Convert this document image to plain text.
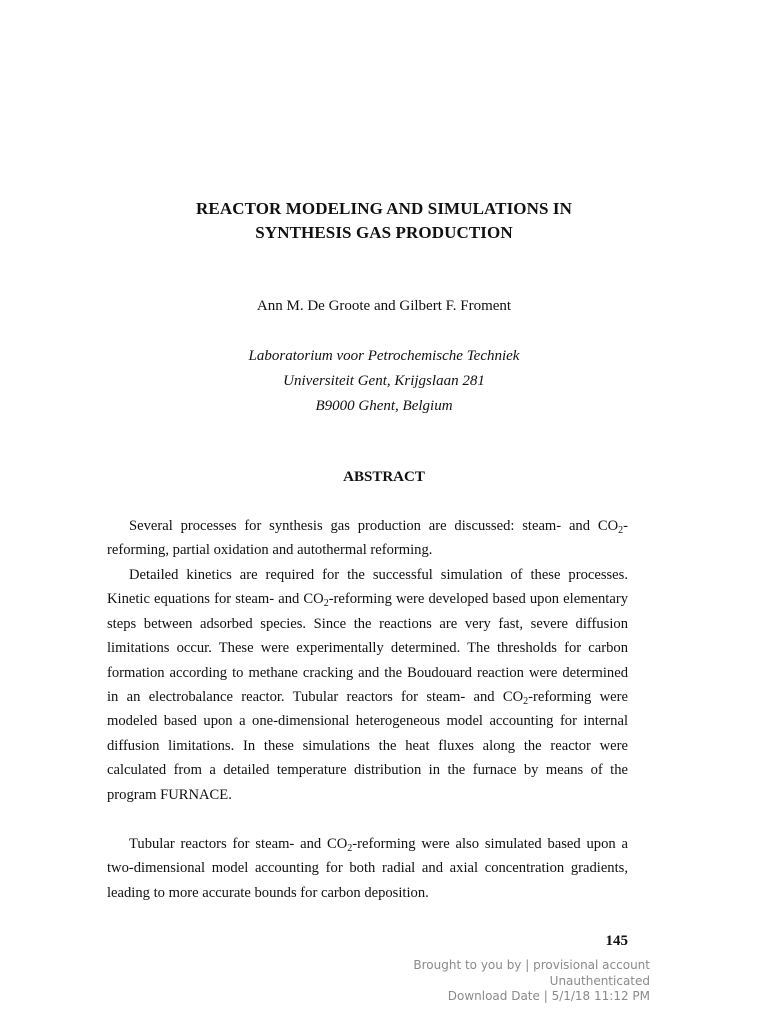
REACTOR MODELING AND SIMULATIONS IN
SYNTHESIS GAS PRODUCTION
Ann M. De Groote and Gilbert F. Froment
Laboratorium voor Petrochemische Techniek
Universiteit Gent, Krijgslaan 281
B9000 Ghent, Belgium
ABSTRACT

Several processes for synthesis gas production are discussed: steam- and $CO_2$-reforming, partial oxidation and autothermal reforming.

Detailed kinetics are required for the successful simulation of these processes. Kinetic equations for steam- and $CO_2$-reforming were developed based upon elementary steps between adsorbed species. Since the reactions are very fast, severe diffusion limitations occur. These were experimentally determined. The thresholds for carbon formation according to methane cracking and the Boudouard reaction were determined in an electrobalance reactor. Tubular reactors for steam- and $CO_2$-reforming were modeled based upon a one-dimensional heterogeneous model accounting for internal diffusion limitations. In these simulations the heat fluxes along the reactor were calculated from a detailed temperature distribution in the furnace by means of the program FURNACE.

Tubular reactors for steam- and $CO_2$-reforming were also simulated based upon a two-dimensional model accounting for both radial and axial concentration gradients, leading to more accurate bounds for carbon deposition.

145
Brought to you by | provisional account
Unauthenticated
Download Date | 5/1/18 11:12 PM
